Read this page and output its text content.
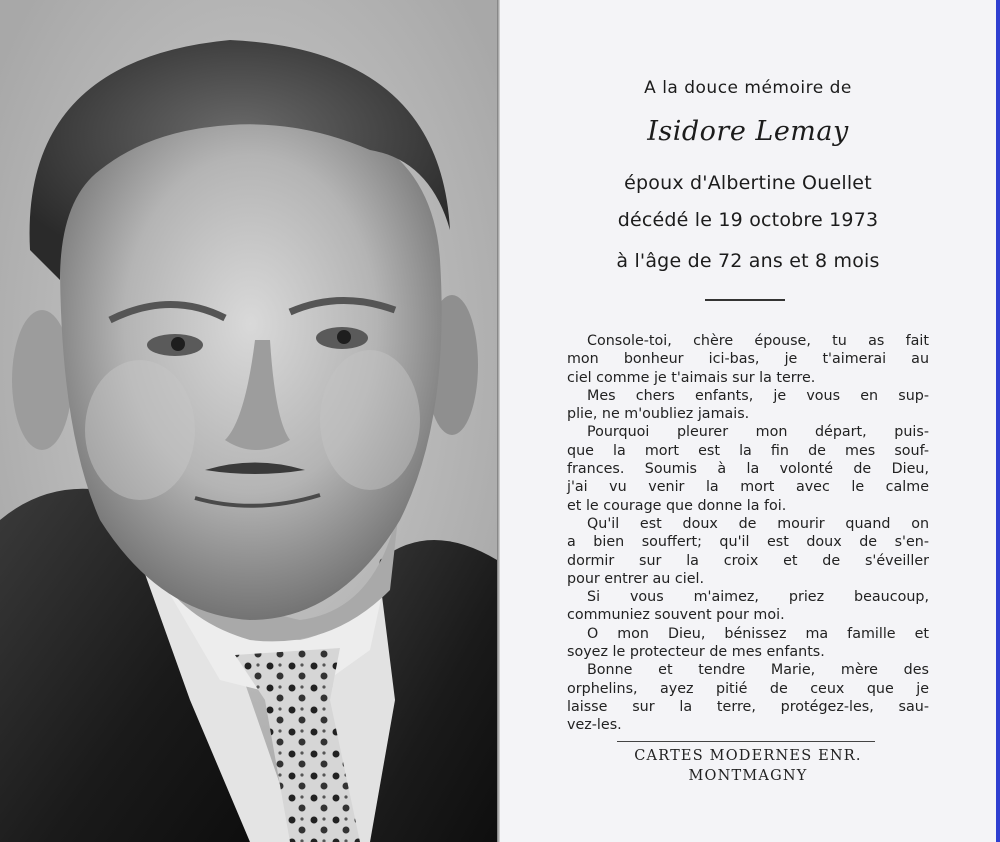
A la douce mémoire de
Isidore Lemay
époux d'Albertine Ouellet
décédé le 19 octobre 1973
à l'âge de 72 ans et 8 mois
Console-toi, chère épouse, tu as fait
mon bonheur ici-bas, je t'aimerai au
ciel comme je t'aimais sur la terre.
Mes chers enfants, je vous en sup-
plie, ne m'oubliez jamais.
Pourquoi pleurer mon départ, puis-
que la mort est la fin de mes souf-
frances. Soumis à la volonté de Dieu,
j'ai vu venir la mort avec le calme
et le courage que donne la foi.
Qu'il est doux de mourir quand on
a bien souffert; qu'il est doux de s'en-
dormir sur la croix et de s'éveiller
pour entrer au ciel.
Si vous m'aimez, priez beaucoup,
communiez souvent pour moi.
O mon Dieu, bénissez ma famille et
soyez le protecteur de mes enfants.
Bonne et tendre Marie, mère des
orphelins, ayez pitié de ceux que je
laisse sur la terre, protégez-les, sau-
vez-les.
CARTES MODERNES ENR.
MONTMAGNY
